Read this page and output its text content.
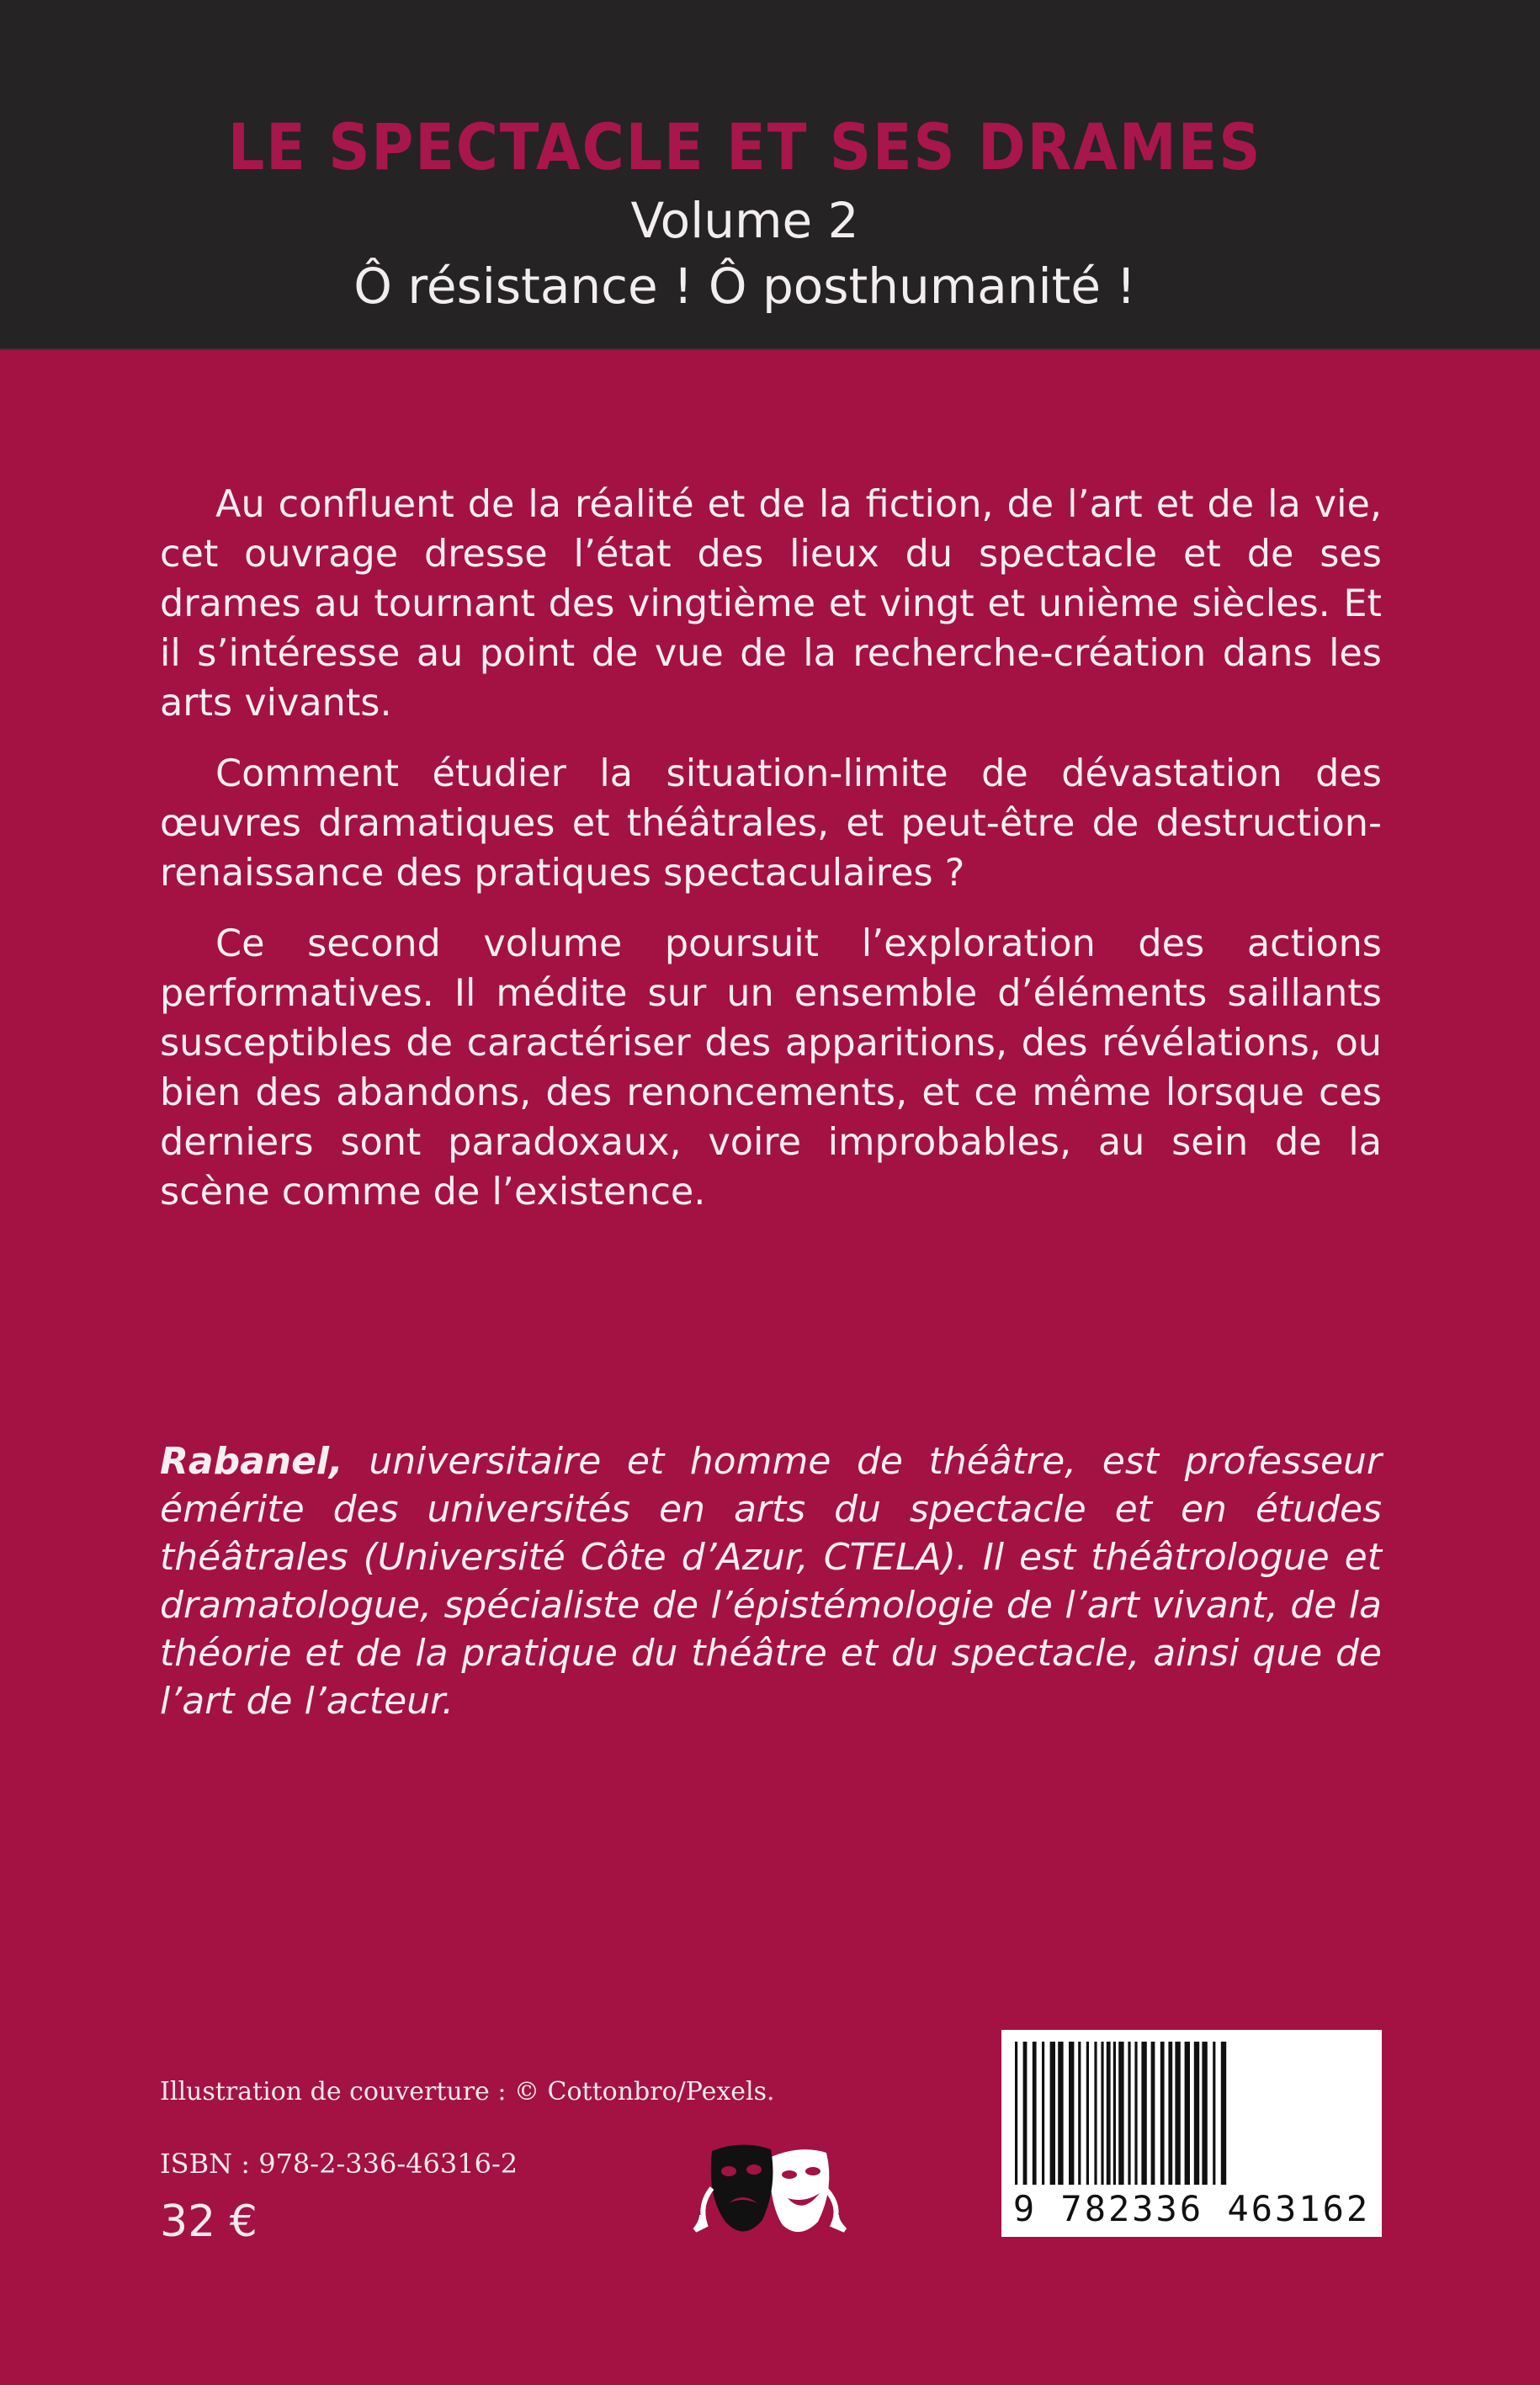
LE SPECTACLE ET SES DRAMES
Volume 2
Ô résistance ! Ô posthumanité !

Au confluent de la réalité et de la fiction, de l’art et de la vie, cet ouvrage dresse l’état des lieux du spectacle et de ses drames au tournant des vingtième et vingt et unième siècles. Et il s’intéresse au point de vue de la recherche-création dans les arts vivants.

Comment étudier la situation-limite de dévastation des œuvres dramatiques et théâtrales, et peut-être de destruction-renaissance des pratiques spectaculaires ?

Ce second volume poursuit l’exploration des actions performatives. Il médite sur un ensemble d’éléments saillants susceptibles de caractériser des apparitions, des révélations, ou bien des abandons, des renoncements, et ce même lorsque ces derniers sont paradoxaux, voire improbables, au sein de la scène comme de l’existence.

Rabanel, universitaire et homme de théâtre, est professeur émérite des universités en arts du spectacle et en études théâtrales (Université Côte d’Azur, CTELA). Il est théâtrologue et dramatologue, spécialiste de l’épistémologie de l’art vivant, de la théorie et de la pratique du théâtre et du spectacle, ainsi que de l’art de l’acteur.
Illustration de couverture : © Cottonbro/Pexels.
ISBN : 978-2-336-46316-2
32 €	9 782336 463162
